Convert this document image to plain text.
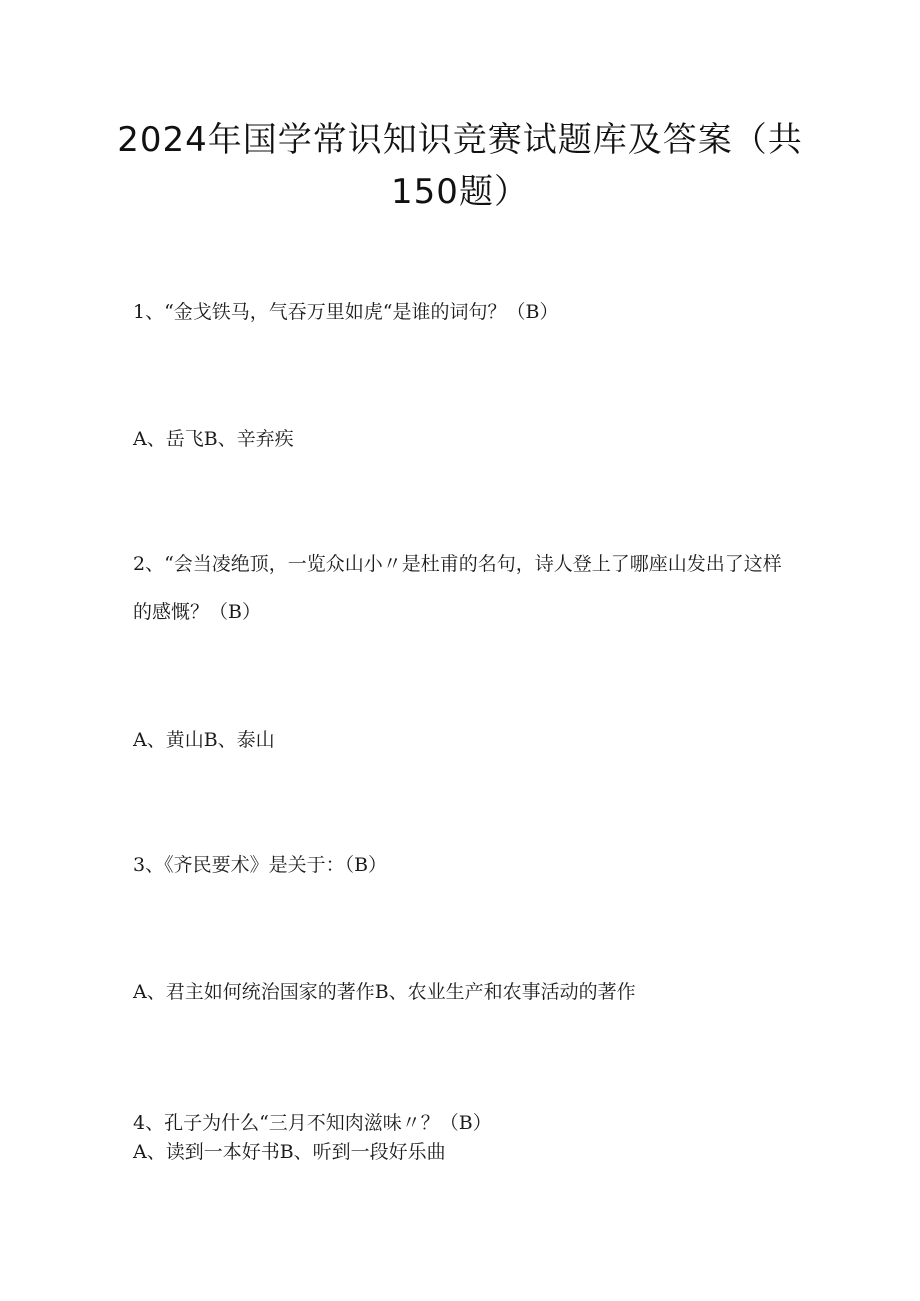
2024年国学常识知识竞赛试题库及答案（共150题）
1、“金戈铁马，气吞万里如虎“是谁的词句？（B）
A、岳飞B、辛弃疾
2、“会当凌绝顶，一览众山小〃是杜甫的名句，诗人登上了哪座山发出了这样
的感慨？（B）
A、黄山B、泰山
3、《齐民要术》是关于：（B）
A、君主如何统治国家的著作B、农业生产和农事活动的著作
4、孔子为什么“三月不知肉滋味〃？（B）
A、读到一本好书B、听到一段好乐曲
